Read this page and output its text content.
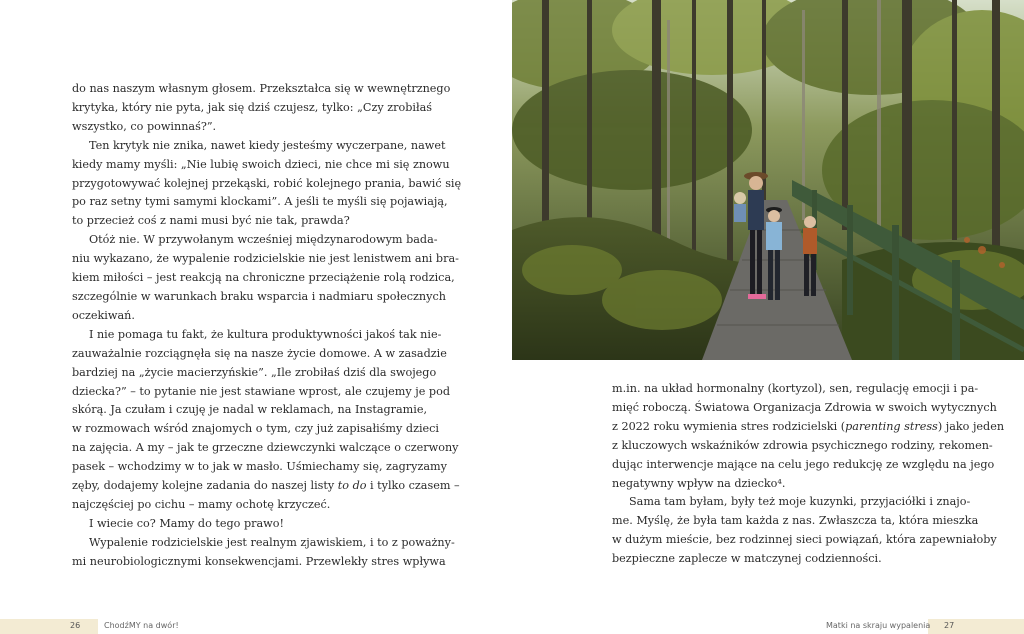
do nas naszym własnym głosem. Przekształca się w wewnętrznego
krytyka, który nie pyta, jak się dziś czujesz, tylko: „Czy zrobiłaś
wszystko, co powinnaś?”.
Ten krytyk nie znika, nawet kiedy jesteśmy wyczerpane, nawet
kiedy mamy myśli: „Nie lubię swoich dzieci, nie chce mi się znowu
przygotowywać kolejnej przekąski, robić kolejnego prania, bawić się
po raz setny tymi samymi klockami”. A jeśli te myśli się pojawiają,
to przecież coś z nami musi być nie tak, prawda?
Otóż nie. W przywołanym wcześniej międzynarodowym bada-
niu wykazano, że wypalenie rodzicielskie nie jest lenistwem ani bra-
kiem miłości – jest reakcją na chroniczne przeciążenie rolą rodzica,
szczególnie w warunkach braku wsparcia i nadmiaru społecznych
oczekiwań.
I nie pomaga tu fakt, że kultura produktywności jakoś tak nie-
zauważalnie rozciągnęła się na nasze życie domowe. A w zasadzie
bardziej na „życie macierzyńskie”. „Ile zrobiłaś dziś dla swojego
dziecka?” – to pytanie nie jest stawiane wprost, ale czujemy je pod
skórą. Ja czułam i czuję je nadal w reklamach, na Instagramie,
w rozmowach wśród znajomych o tym, czy już zapisałiśmy dzieci
na zajęcia. A my – jak te grzeczne dziewczynki walczące o czerwony
pasek – wchodzimy w to jak w masło. Uśmiechamy się, zagryzamy
zęby, dodajemy kolejne zadania do naszej listy to do i tylko czasem –
najczęściej po cichu – mamy ochotę krzyczeć.
I wiecie co? Mamy do tego prawo!
Wypalenie rodzicielskie jest realnym zjawiskiem, i to z poważny-
mi neurobiologicznymi konsekwencjami. Przewlekły stres wpływa
m.in. na układ hormonalny (kortyzol), sen, regulację emocji i pa-
mięć roboczą. Światowa Organizacja Zdrowia w swoich wytycznych
z 2022 roku wymienia stres rodzicielski (parenting stress) jako jeden
z kluczowych wskaźników zdrowia psychicznego rodziny, rekomen-
dując interwencje mające na celu jego redukcję ze względu na jego
negatywny wpływ na dziecko⁴.
Sama tam byłam, były też moje kuzynki, przyjaciółki i znajo-
me. Myślę, że była tam każda z nas. Zwłaszcza ta, która mieszka
w dużym mieście, bez rodzinnej sieci powiązań, która zapewniałoby
bezpieczne zaplecze w matczynej codzienności.
26	ChodźMY na dwór!	Matki na skraju wypalenia 27
